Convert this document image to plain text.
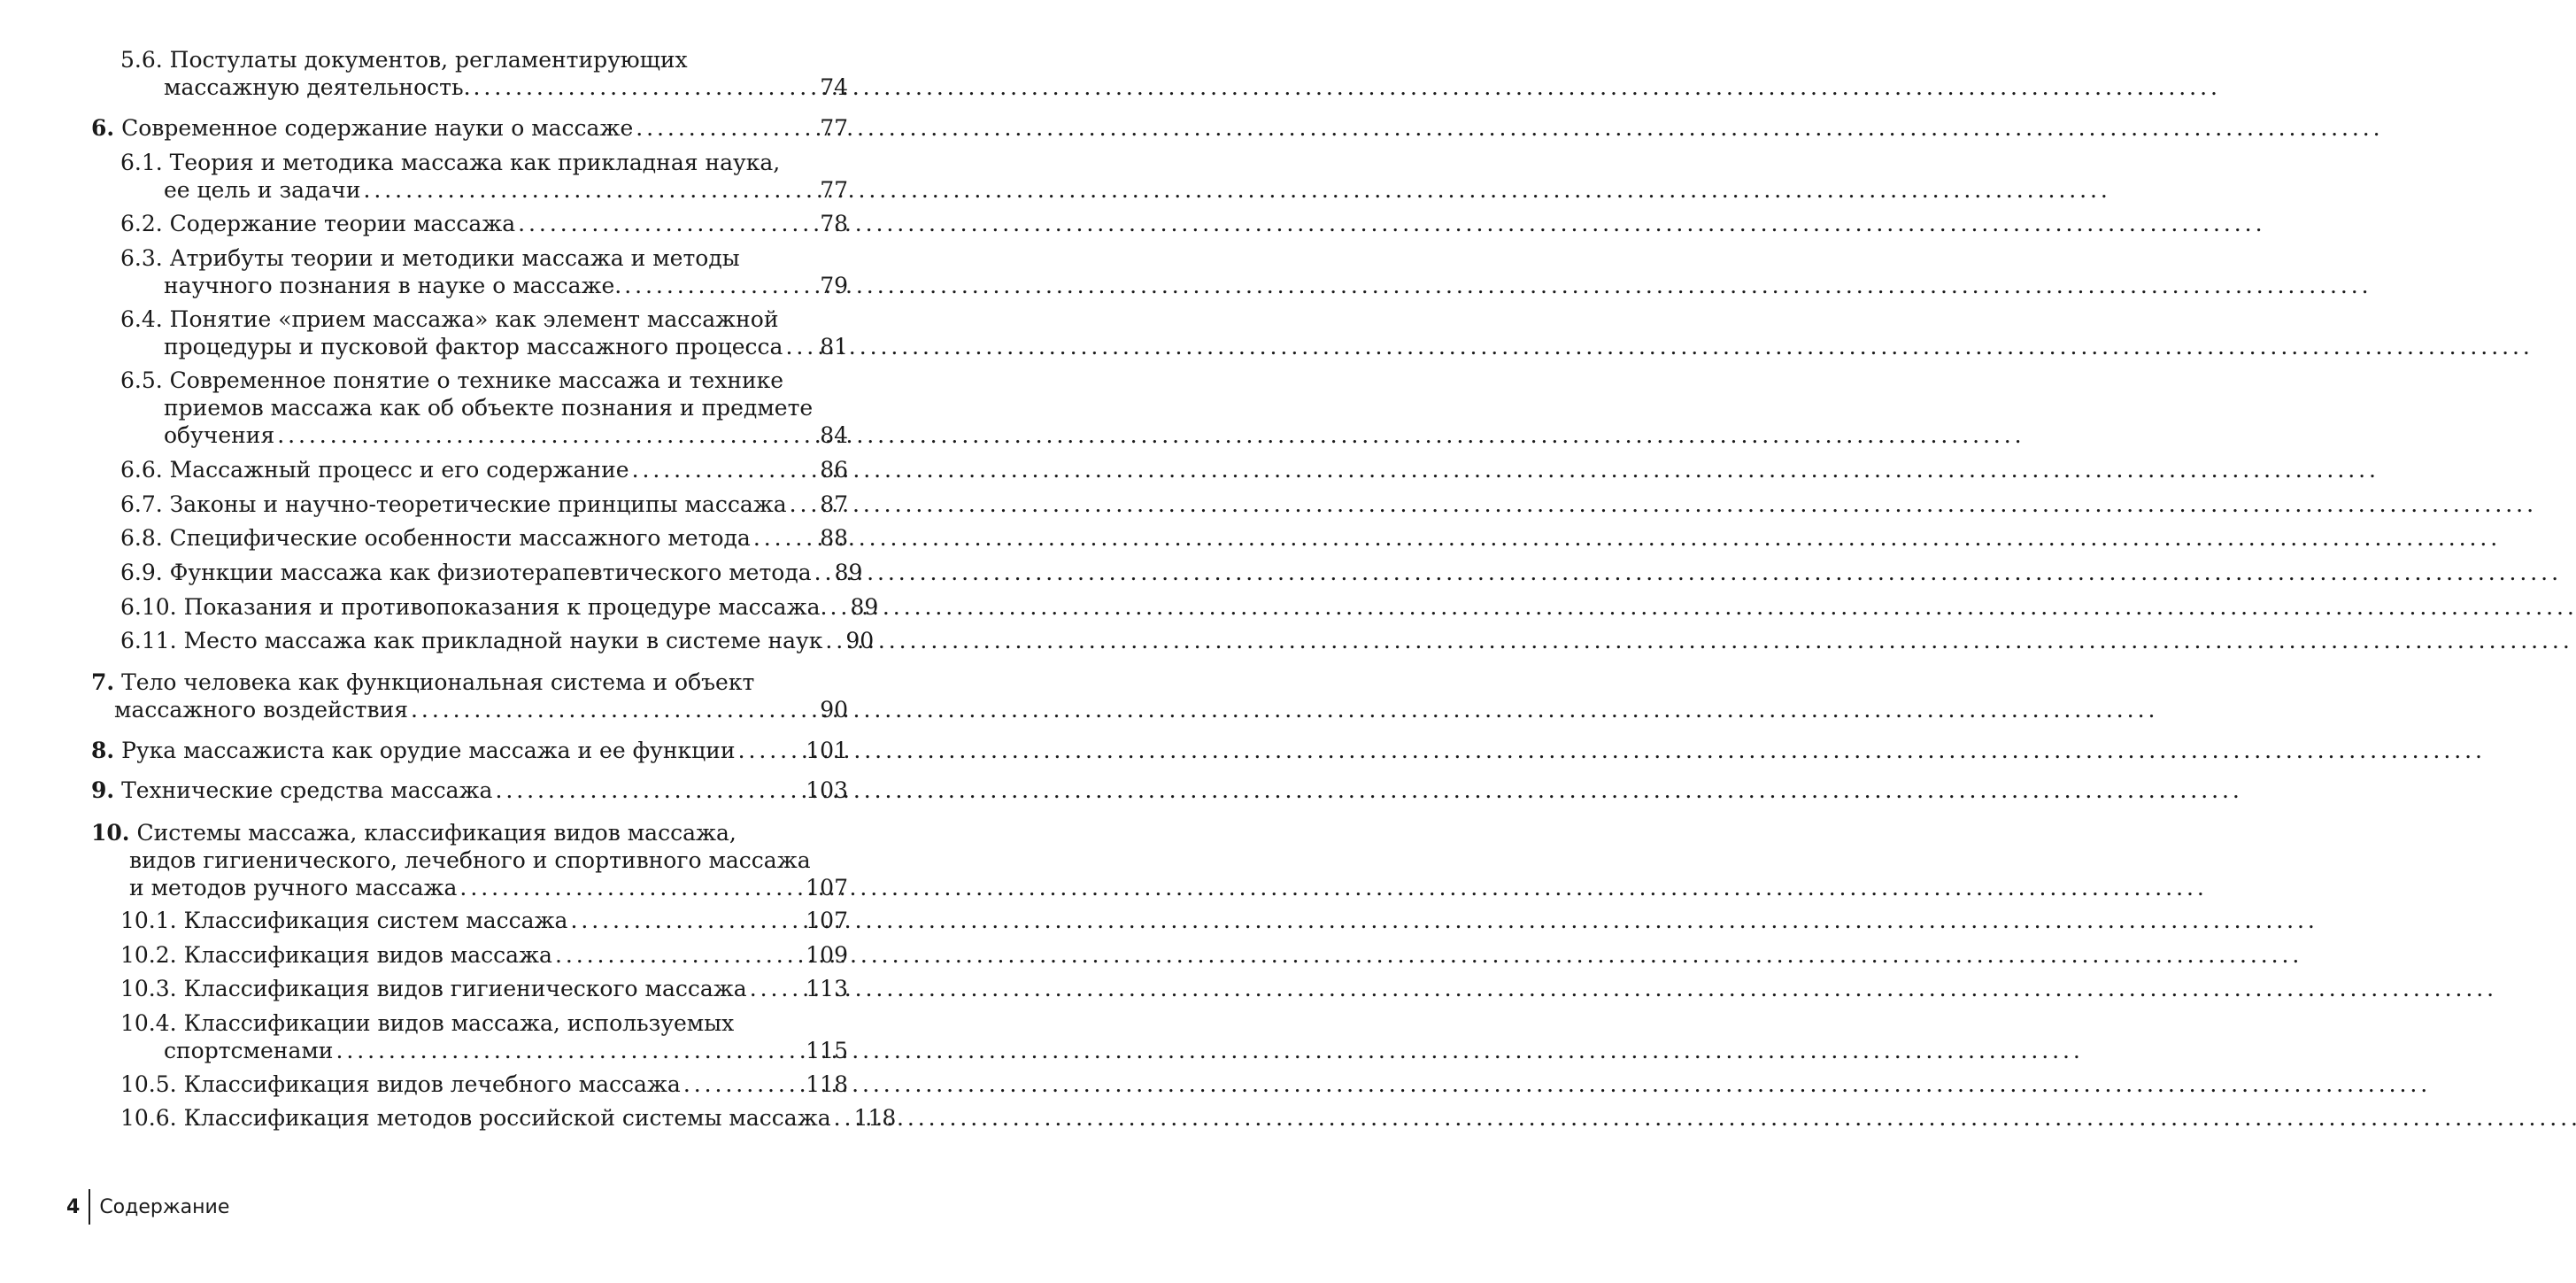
5.6. Постулаты документов, регламентирующих
массажную деятельность. . . .	74
6. Современное содержание науки о массаже . . .	77
6.1. Теория и методика массажа как прикладная наука,
ее цель и задачи . . .	77
6.2. Содержание теории массажа . . .	78
6.3. Атрибуты теории и методики массажа и методы
научного познания в науке о массаже. . . .	79
6.4. Понятие «прием массажа» как элемент массажной
процедуры и пусковой фактор массажного процесса . . . 81
6.5. Современное понятие о технике массажа и технике
приемов массажа как об объекте познания и предмете
обучения . . .	84
6.6. Массажный процесс и его содержание . . .	86
6.7. Законы и научно-теоретические принципы массажа . . . 87
6.8. Специфические особенности массажного метода . . .	88
6.9. Функции массажа как физиотерапевтического метода . . . 89
6.10. Показания и противопоказания к процедуре массажа. . . . 89
6.11. Место массажа как прикладной науки в системе наук . . . 90
7. Тело человека как функциональная система и объект
массажного воздействия . . .	90
8. Рука массажиста как орудие массажа и ее функции . . .	101
9. Технические средства массажа . . .	103
10. Системы массажа, классификация видов массажа,
видов гигиенического, лечебного и спортивного массажа
и методов ручного массажа . . .	107
10.1. Классификация систем массажа . . .	107
10.2. Классификация видов массажа . . .	109
10.3. Классификация видов гигиенического массажа . . .	113
10.4. Классификации видов массажа, используемых
спортсменами . . .	115
10.5. Классификация видов лечебного массажа . . .	118
10.6. Классификация методов российской системы массажа . . . 118
4 Содержание
